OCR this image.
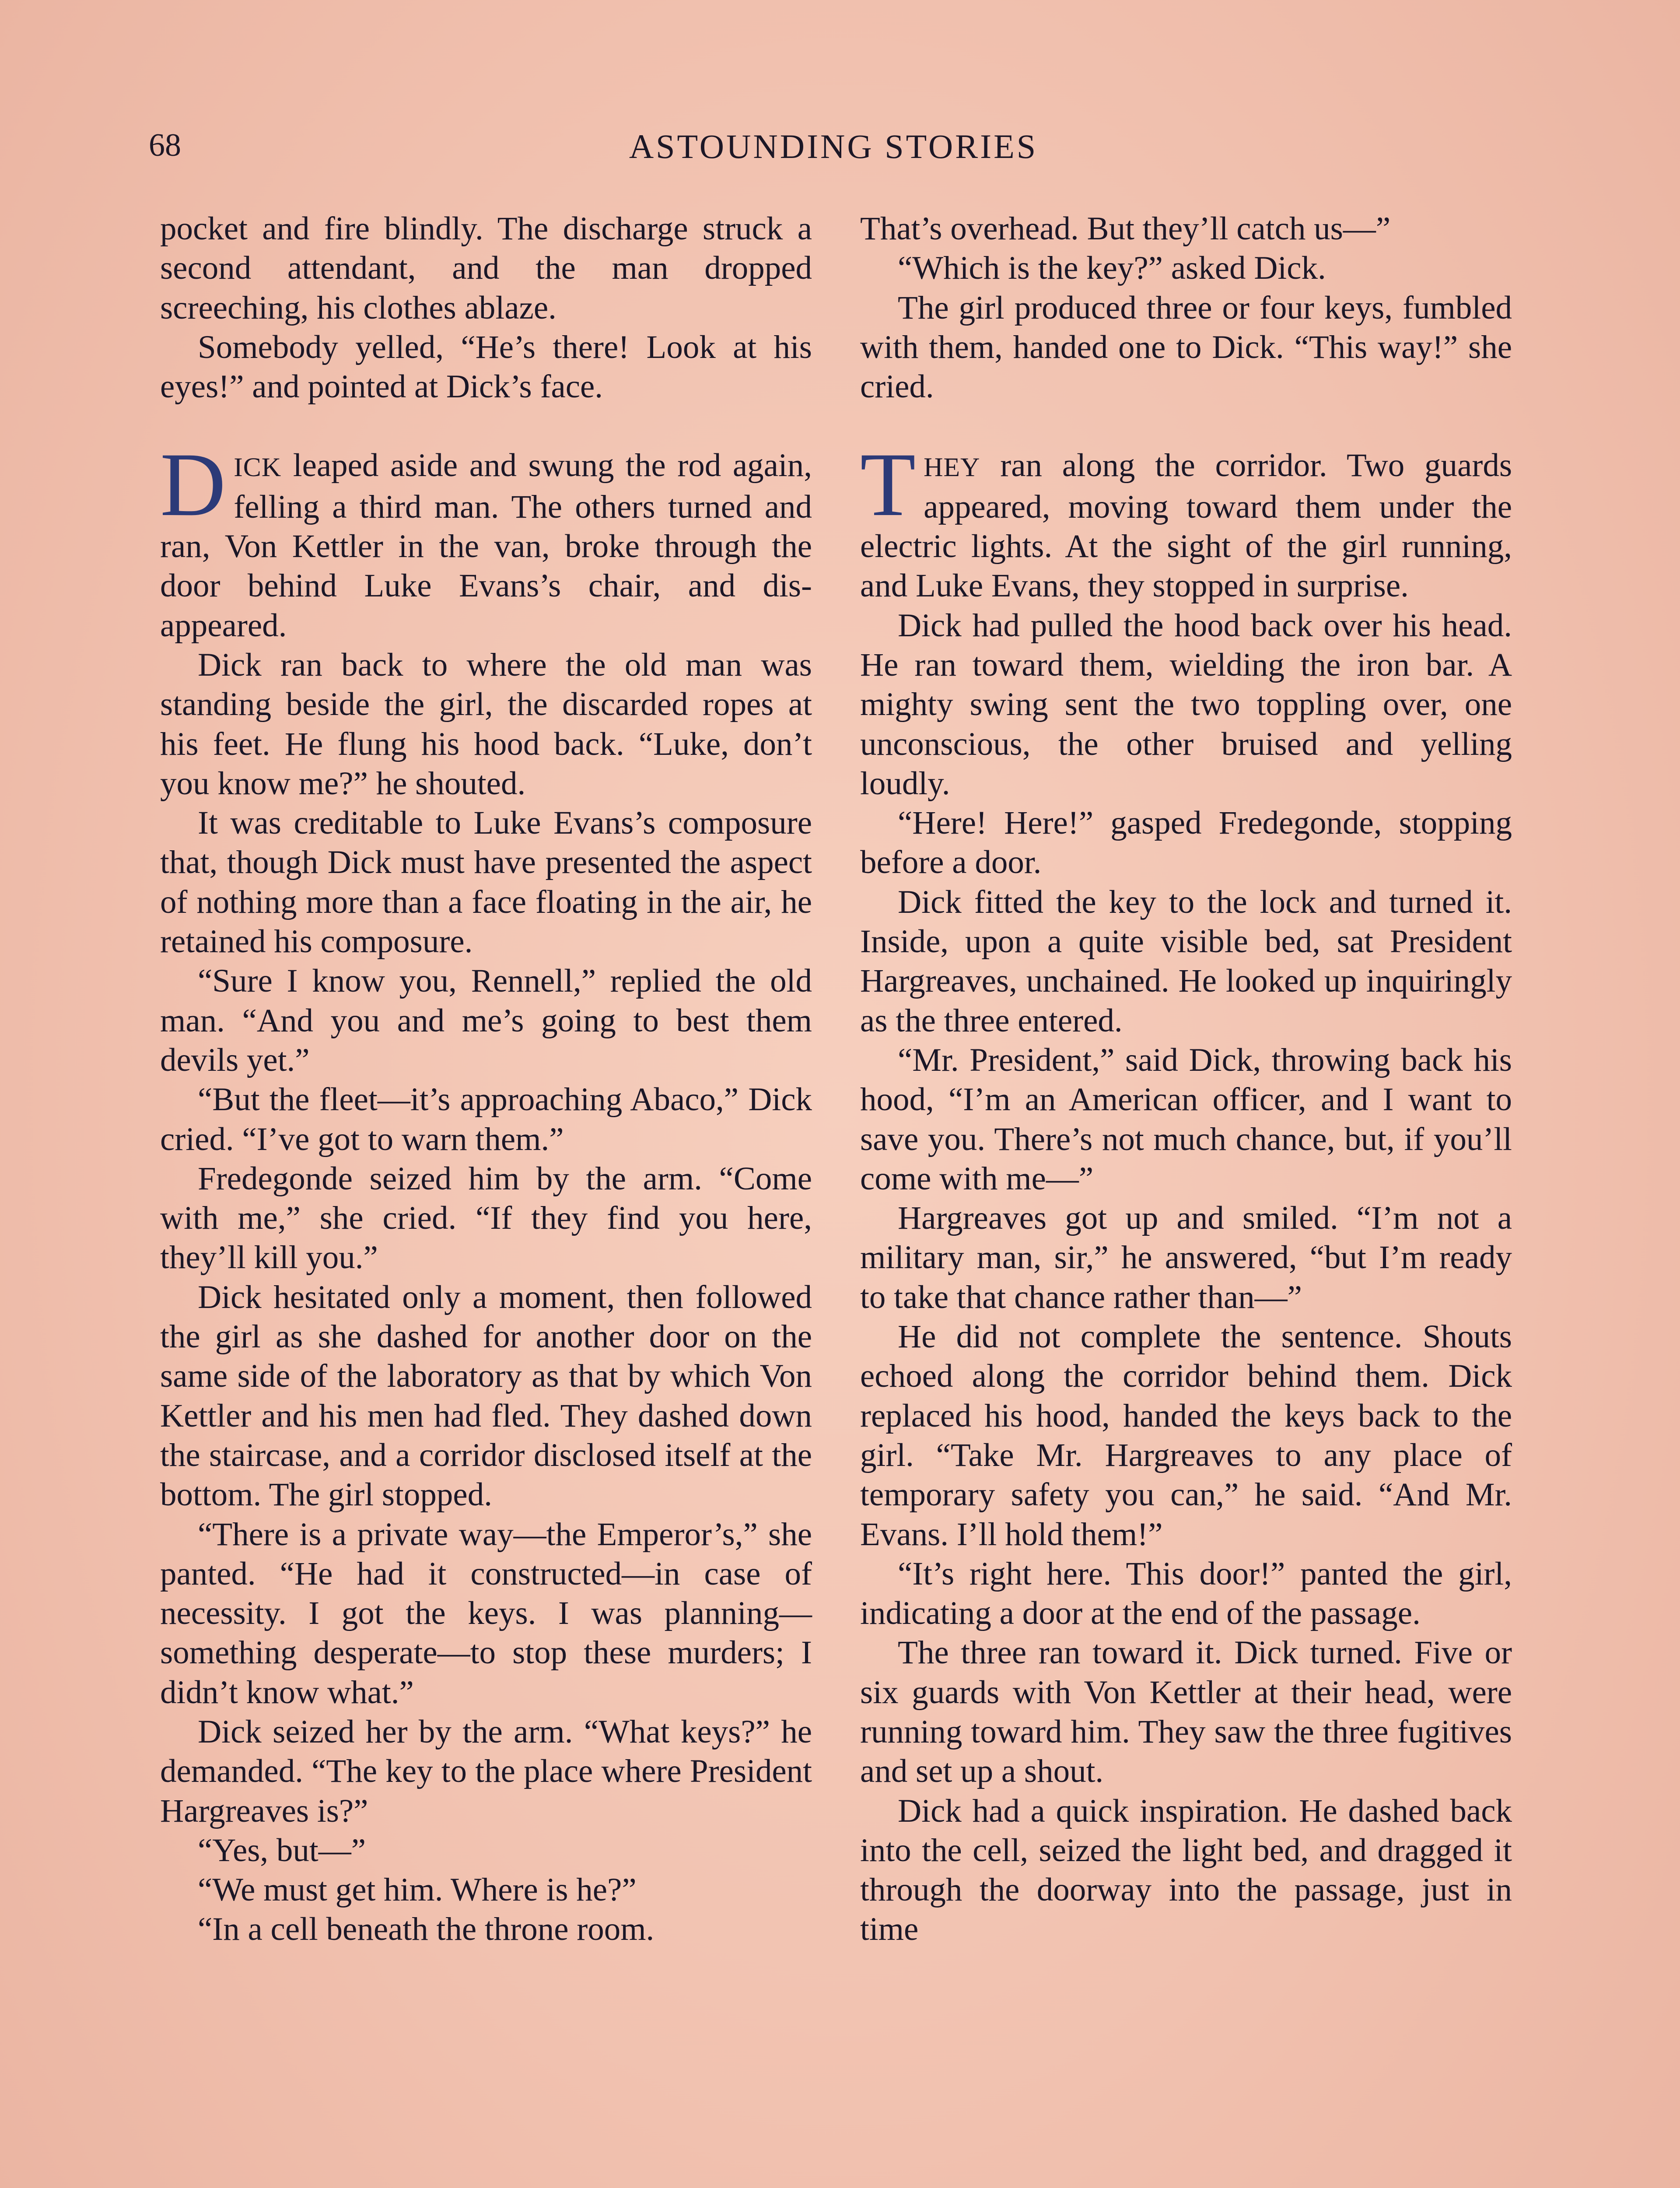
68	ASTOUNDING STORIES

pocket and fire blindly. The discharge struck a second attendant, and the man dropped screeching, his clothes ablaze.

Somebody yelled, “He’s there! Look at his eyes!” and pointed at Dick’s face.

DICK leaped aside and swung the rod again, felling a third man. The others turned and ran, Von Kettler in the van, broke through the door behind Luke Evans’s chair, and disappeared.

Dick ran back to where the old man was standing beside the girl, the discarded ropes at his feet. He flung his hood back. “Luke, don’t you know me?” he shouted.

It was creditable to Luke Evans’s composure that, though Dick must have presented the aspect of nothing more than a face floating in the air, he retained his composure.

“Sure I know you, Rennell,” replied the old man. “And you and me’s going to best them devils yet.”

“But the fleet—it’s approaching Abaco,” Dick cried. “I’ve got to warn them.”

Fredegonde seized him by the arm. “Come with me,” she cried. “If they find you here, they’ll kill you.”

Dick hesitated only a moment, then followed the girl as she dashed for another door on the same side of the laboratory as that by which Von Kettler and his men had fled. They dashed down the staircase, and a corridor disclosed itself at the bottom. The girl stopped.

“There is a private way—the Emperor’s,” she panted. “He had it constructed—in case of necessity. I got the keys. I was planning—something desperate—to stop these murders; I didn’t know what.”

Dick seized her by the arm. “What keys?” he demanded. “The key to the place where President Hargreaves is?”

“Yes, but—”

“We must get him. Where is he?”

“In a cell beneath the throne room.

That’s overhead. But they’ll catch us—”

“Which is the key?” asked Dick.

The girl produced three or four keys, fumbled with them, handed one to Dick. “This way!” she cried.

THEY ran along the corridor. Two guards appeared, moving toward them under the electric lights. At the sight of the girl running, and Luke Evans, they stopped in surprise.

Dick had pulled the hood back over his head. He ran toward them, wielding the iron bar. A mighty swing sent the two toppling over, one unconscious, the other bruised and yelling loudly.

“Here! Here!” gasped Fredegonde, stopping before a door.

Dick fitted the key to the lock and turned it. Inside, upon a quite visible bed, sat President Hargreaves, unchained. He looked up inquiringly as the three entered.

“Mr. President,” said Dick, throwing back his hood, “I’m an American officer, and I want to save you. There’s not much chance, but, if you’ll come with me—”

Hargreaves got up and smiled. “I’m not a military man, sir,” he answered, “but I’m ready to take that chance rather than—”

He did not complete the sentence. Shouts echoed along the corridor behind them. Dick replaced his hood, handed the keys back to the girl. “Take Mr. Hargreaves to any place of temporary safety you can,” he said. “And Mr. Evans. I’ll hold them!”

“It’s right here. This door!” panted the girl, indicating a door at the end of the passage.

The three ran toward it. Dick turned. Five or six guards with Von Kettler at their head, were running toward him. They saw the three fugitives and set up a shout.

Dick had a quick inspiration. He dashed back into the cell, seized the light bed, and dragged it through the doorway into the passage, just in time
